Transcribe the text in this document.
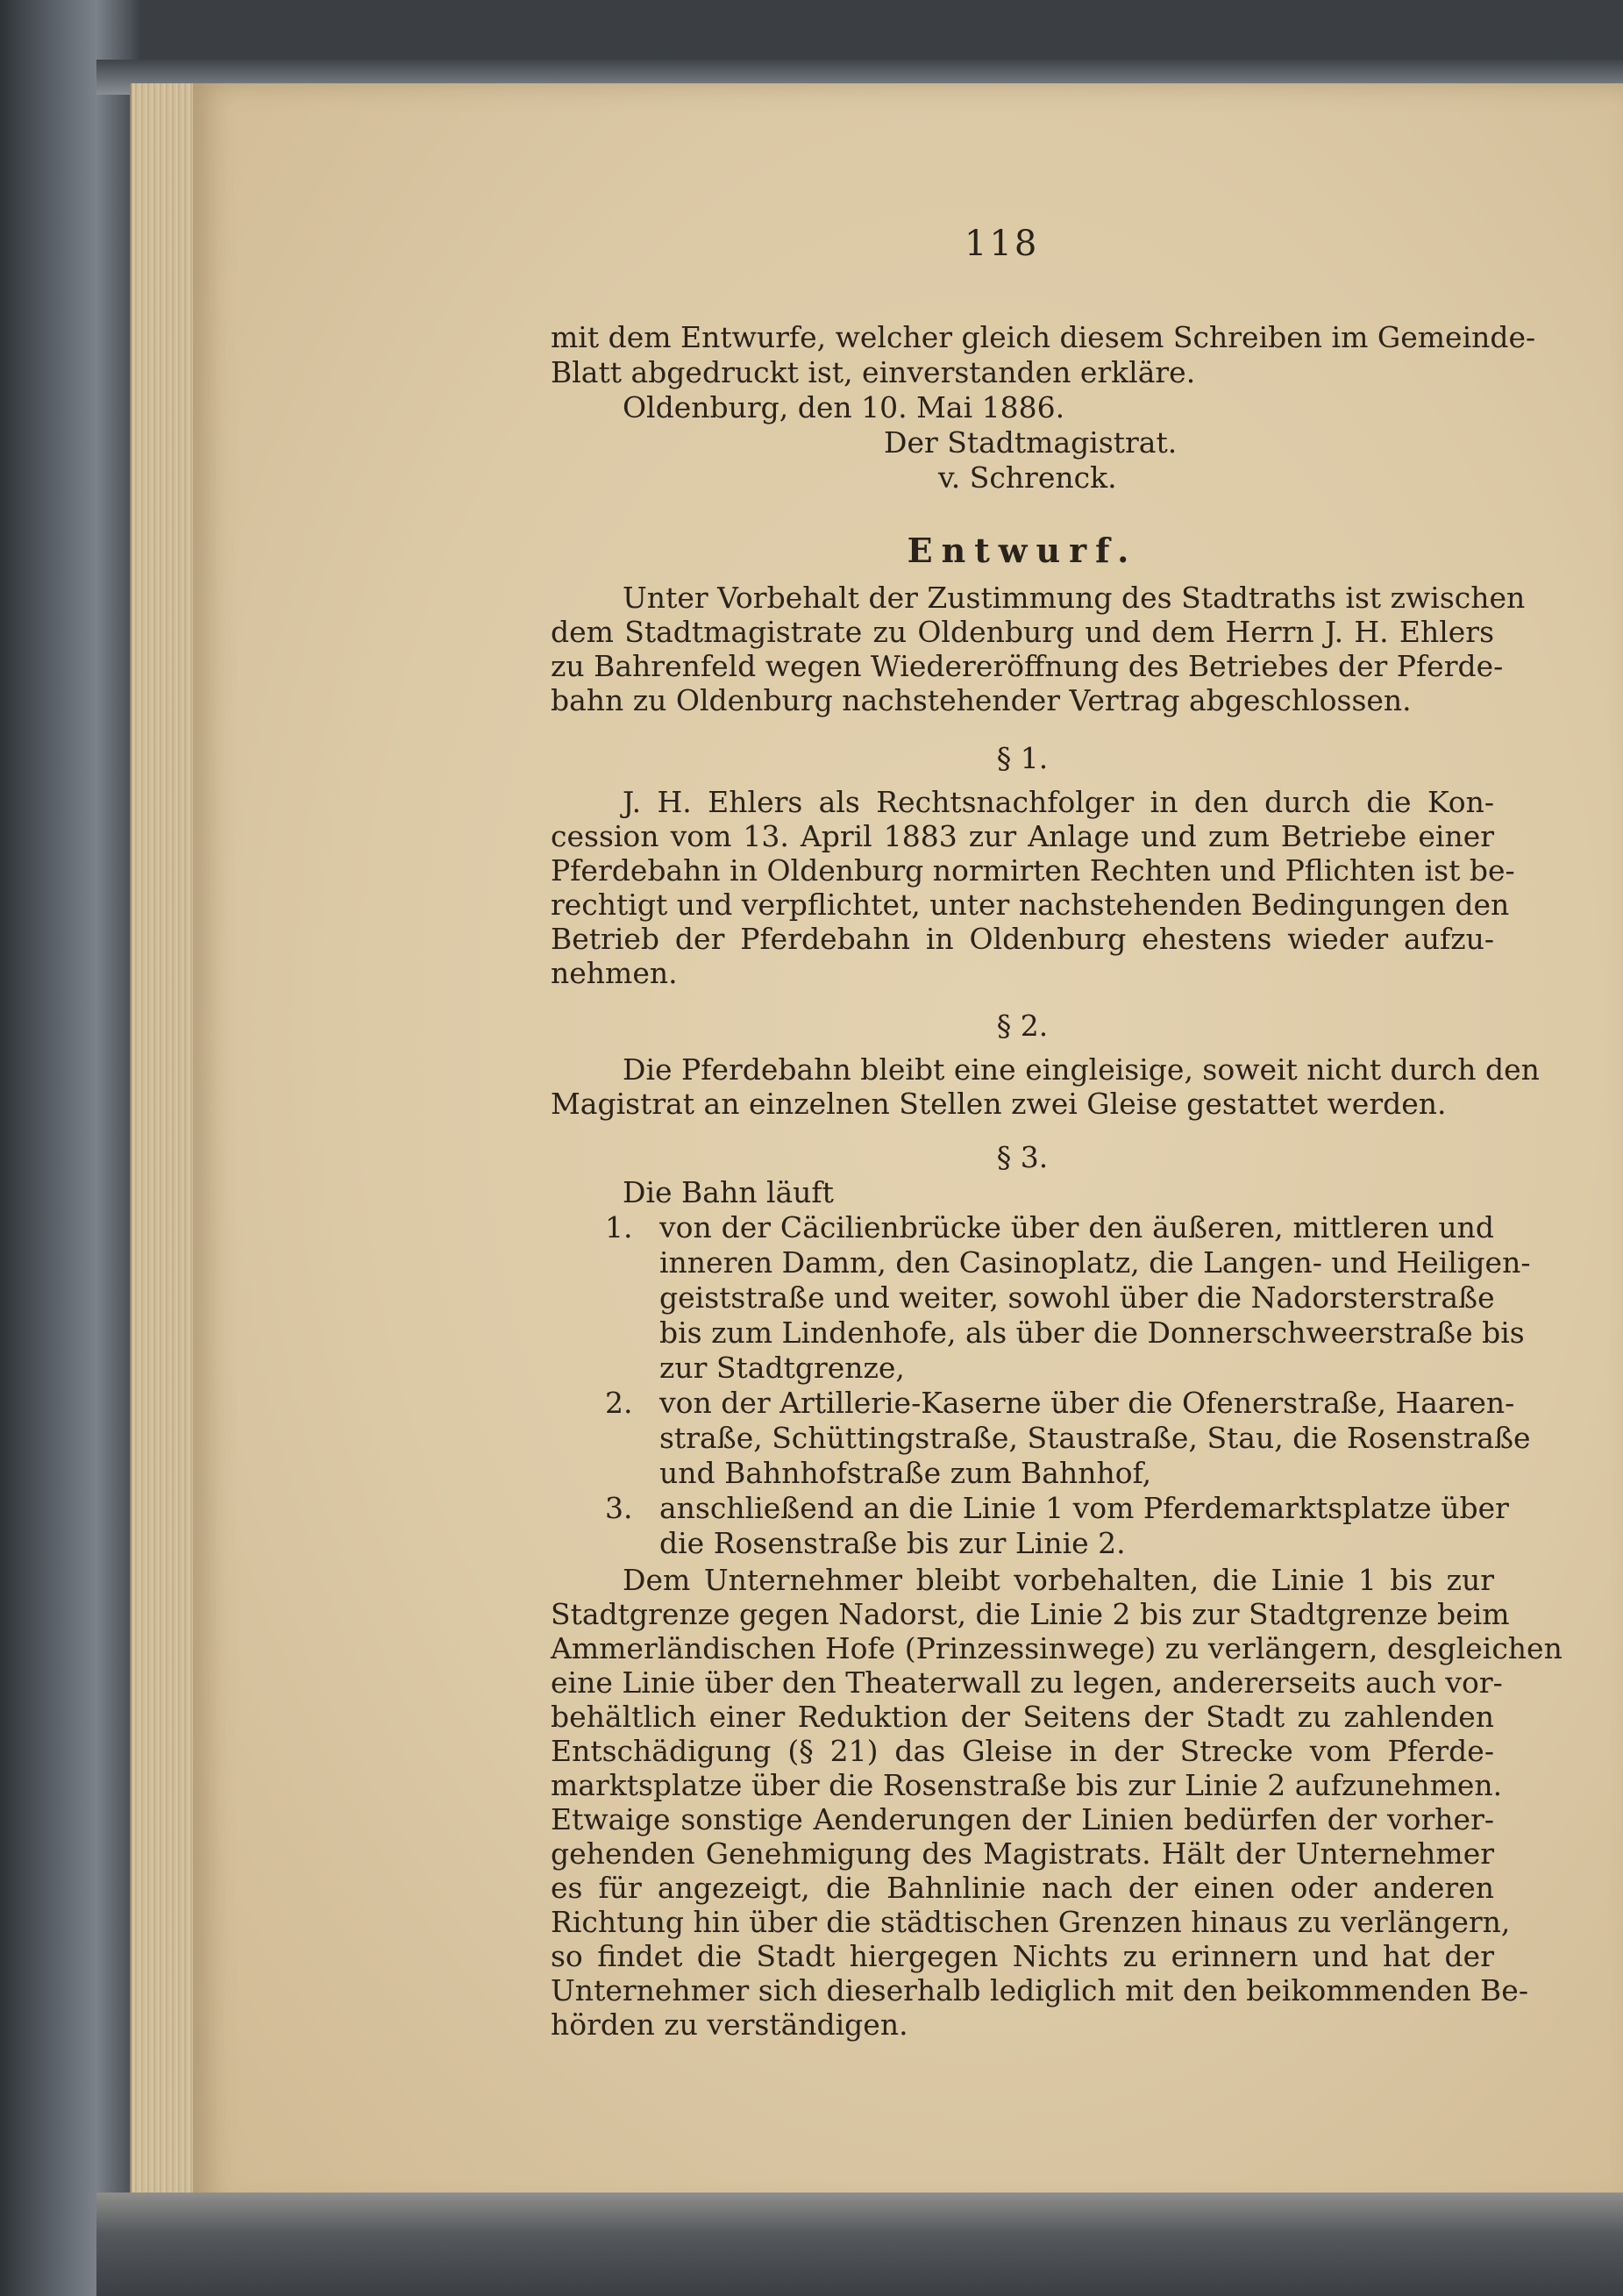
118
mit dem Entwurfe, welcher gleich diesem Schreiben im Gemeinde-
Blatt abgedruckt ist, einverstanden erkläre.
Oldenburg, den 10. Mai 1886.
Der Stadtmagistrat.
v. Schrenck.
Entwurf.
Unter Vorbehalt der Zustimmung des Stadtraths ist zwischen
dem Stadtmagistrate zu Oldenburg und dem Herrn J. H. Ehlers
zu Bahrenfeld wegen Wiedereröffnung des Betriebes der Pferde-
bahn zu Oldenburg nachstehender Vertrag abgeschlossen.
§ 1.
J. H. Ehlers als Rechtsnachfolger in den durch die Kon-
cession vom 13. April 1883 zur Anlage und zum Betriebe einer
Pferdebahn in Oldenburg normirten Rechten und Pflichten ist be-
rechtigt und verpflichtet, unter nachstehenden Bedingungen den
Betrieb der Pferdebahn in Oldenburg ehestens wieder aufzu-
nehmen.
§ 2.
Die Pferdebahn bleibt eine eingleisige, soweit nicht durch den
Magistrat an einzelnen Stellen zwei Gleise gestattet werden.
§ 3.
Die Bahn läuft
1. von der Cäcilienbrücke über den äußeren, mittleren und
inneren Damm, den Casinoplatz, die Langen- und Heiligen-
geiststraße und weiter, sowohl über die Nadorsterstraße
bis zum Lindenhofe, als über die Donnerschweerstraße bis
zur Stadtgrenze,
2. von der Artillerie-Kaserne über die Ofenerstraße, Haaren-
straße, Schüttingstraße, Staustraße, Stau, die Rosenstraße
und Bahnhofstraße zum Bahnhof,
3. anschließend an die Linie 1 vom Pferdemarktsplatze über
die Rosenstraße bis zur Linie 2.
Dem Unternehmer bleibt vorbehalten, die Linie 1 bis zur
Stadtgrenze gegen Nadorst, die Linie 2 bis zur Stadtgrenze beim
Ammerländischen Hofe (Prinzessinwege) zu verlängern, desgleichen
eine Linie über den Theaterwall zu legen, andererseits auch vor-
behältlich einer Reduktion der Seitens der Stadt zu zahlenden
Entschädigung (§ 21) das Gleise in der Strecke vom Pferde-
marktsplatze über die Rosenstraße bis zur Linie 2 aufzunehmen.
Etwaige sonstige Aenderungen der Linien bedürfen der vorher-
gehenden Genehmigung des Magistrats. Hält der Unternehmer
es für angezeigt, die Bahnlinie nach der einen oder anderen
Richtung hin über die städtischen Grenzen hinaus zu verlängern,
so findet die Stadt hiergegen Nichts zu erinnern und hat der
Unternehmer sich dieserhalb lediglich mit den beikommenden Be-
hörden zu verständigen.
